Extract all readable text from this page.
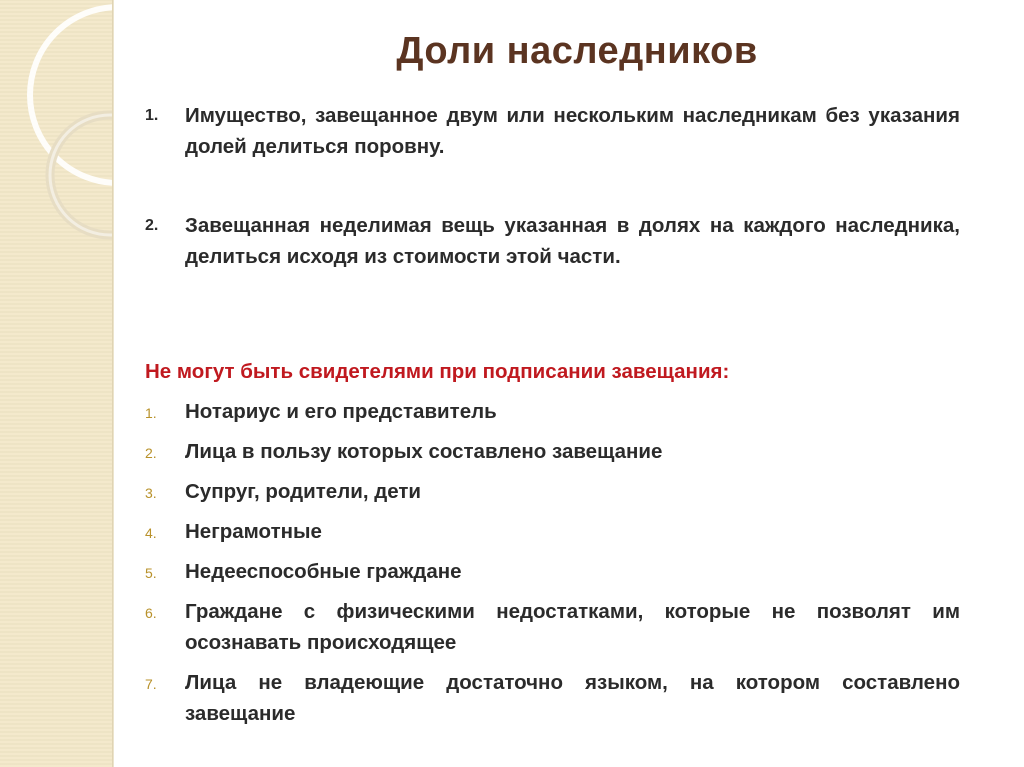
Доли наследников
1. Имущество, завещанное двум или нескольким наследникам без указания долей делиться поровну.
2. Завещанная неделимая вещь указанная в долях на каждого наследника, делиться исходя из стоимости этой части.
Не могут быть свидетелями при подписании завещания:
1. Нотариус и его представитель
2. Лица в пользу которых составлено завещание
3. Супруг, родители, дети
4. Неграмотные
5. Недееспособные граждане
6. Граждане с физическими недостатками, которые не позволят им осознавать происходящее
7. Лица не владеющие достаточно языком, на котором составлено завещание
